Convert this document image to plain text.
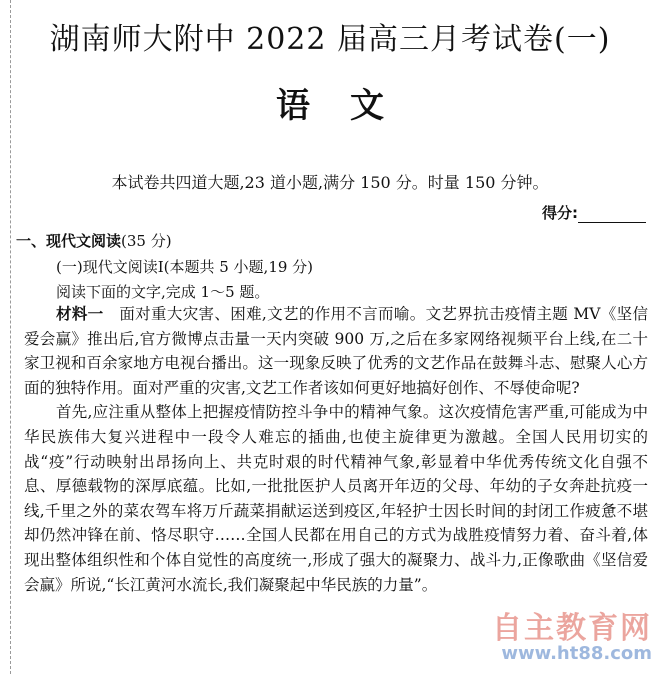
湖南师大附中 2022 届高三月考试卷(一)
语文
本试卷共四道大题,23 道小题,满分 150 分。时量 150 分钟。
得分:
一、现代文阅读(35 分)
(一)现代文阅读Ⅰ(本题共 5 小题,19 分)
阅读下面的文字,完成 1～5 题。

材料一 面对重大灾害、困难,文艺的作用不言而喻。文艺界抗击疫情主题 MV《坚信爱会赢》推出后,官方微博点击量一天内突破 900 万,之后在多家网络视频平台上线,在二十家卫视和百余家地方电视台播出。这一现象反映了优秀的文艺作品在鼓舞斗志、慰聚人心方面的独特作用。面对严重的灾害,文艺工作者该如何更好地搞好创作、不辱使命呢?

首先,应注重从整体上把握疫情防控斗争中的精神气象。这次疫情危害严重,可能成为中华民族伟大复兴进程中一段令人难忘的插曲,也使主旋律更为激越。全国人民用切实的战“疫”行动映射出昂扬向上、共克时艰的时代精神气象,彰显着中华优秀传统文化自强不息、厚德载物的深厚底蕴。比如,一批批医护人员离开年迈的父母、年幼的子女奔赴抗疫一线,千里之外的菜农驾车将万斤蔬菜捐献运送到疫区,年轻护士因长时间的封闭工作疲惫不堪却仍然冲锋在前、恪尽职守……全国人民都在用自己的方式为战胜疫情努力着、奋斗着,体现出整体组织性和个体自觉性的高度统一,形成了强大的凝聚力、战斗力,正像歌曲《坚信爱会赢》所说,“长江黄河水流长,我们凝聚起中华民族的力量”。

自主教育网
www.ht88.com
